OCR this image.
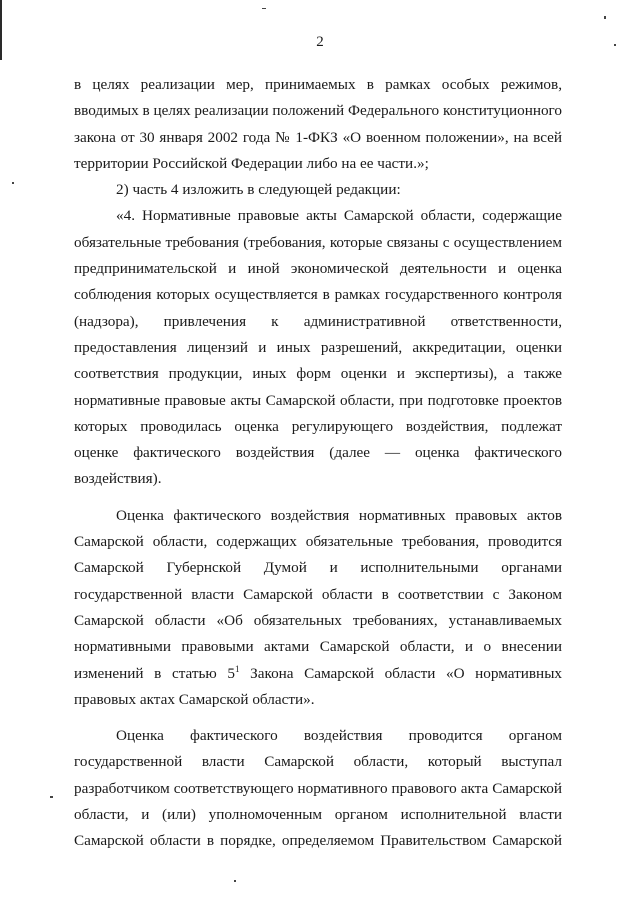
2
в целях реализации мер, принимаемых в рамках особых режимов,
вводимых в целях реализации положений Федерального конституционного
закона от 30 января 2002 года № 1-ФКЗ «О военном положении», на всей
территории Российской Федерации либо на ее части.»;
2) часть 4 изложить в следующей редакции:
«4. Нормативные правовые акты Самарской области, содержащие
обязательные требования (требования, которые связаны с осуществлением
предпринимательской и иной экономической деятельности и оценка
соблюдения которых осуществляется в рамках государственного контроля
(надзора), привлечения к административной ответственности,
предоставления лицензий и иных разрешений, аккредитации, оценки
соответствия продукции, иных форм оценки и экспертизы), а также
нормативные правовые акты Самарской области, при подготовке проектов
которых проводилась оценка регулирующего воздействия, подлежат
оценке фактического воздействия (далее — оценка фактического
воздействия).
Оценка фактического воздействия нормативных правовых актов
Самарской области, содержащих обязательные требования, проводится
Самарской Губернской Думой и исполнительными органами
государственной власти Самарской области в соответствии с Законом
Самарской области «Об обязательных требованиях, устанавливаемых
нормативными правовыми актами Самарской области, и о внесении
изменений в статью $5^1$ Закона Самарской области «О нормативных
правовых актах Самарской области».
Оценка фактического воздействия проводится органом
государственной власти Самарской области, который выступал
разработчиком соответствующего нормативного правового акта Самарской
области, и (или) уполномоченным органом исполнительной власти
Самарской области в порядке, определяемом Правительством Самарской
